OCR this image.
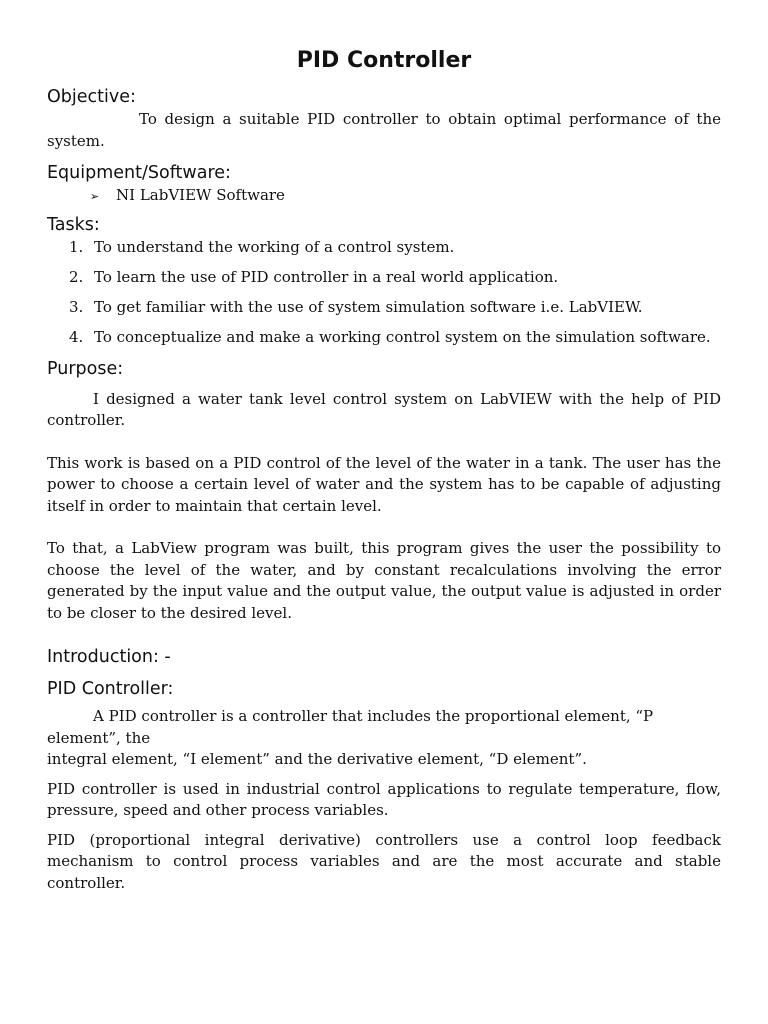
PID Controller
Objective:

To design a suitable PID controller to obtain optimal performance of the system.

Equipment/Software:
➢ NI LabVIEW Software
Tasks:
1. To understand the working of a control system.
2. To learn the use of PID controller in a real world application.
3. To get familiar with the use of system simulation software i.e. LabVIEW.
4. To conceptualize and make a working control system on the simulation software.
Purpose:

I designed a water tank level control system on LabVIEW with the help of PID controller.

This work is based on a PID control of the level of the water in a tank. The user has the power to choose a certain level of water and the system has to be capable of adjusting itself in order to maintain that certain level.

To that, a LabView program was built, this program gives the user the possibility to choose the level of the water, and by constant recalculations involving the error generated by the input value and the output value, the output value is adjusted in order to be closer to the desired level.

Introduction: -
PID Controller:

A PID controller is a controller that includes the proportional element, “P element”, the

integral element, “I element” and the derivative element, “D element”.

PID controller is used in industrial control applications to regulate temperature, flow, pressure, speed and other process variables.

PID (proportional integral derivative) controllers use a control loop feedback mechanism to control process variables and are the most accurate and stable controller.
